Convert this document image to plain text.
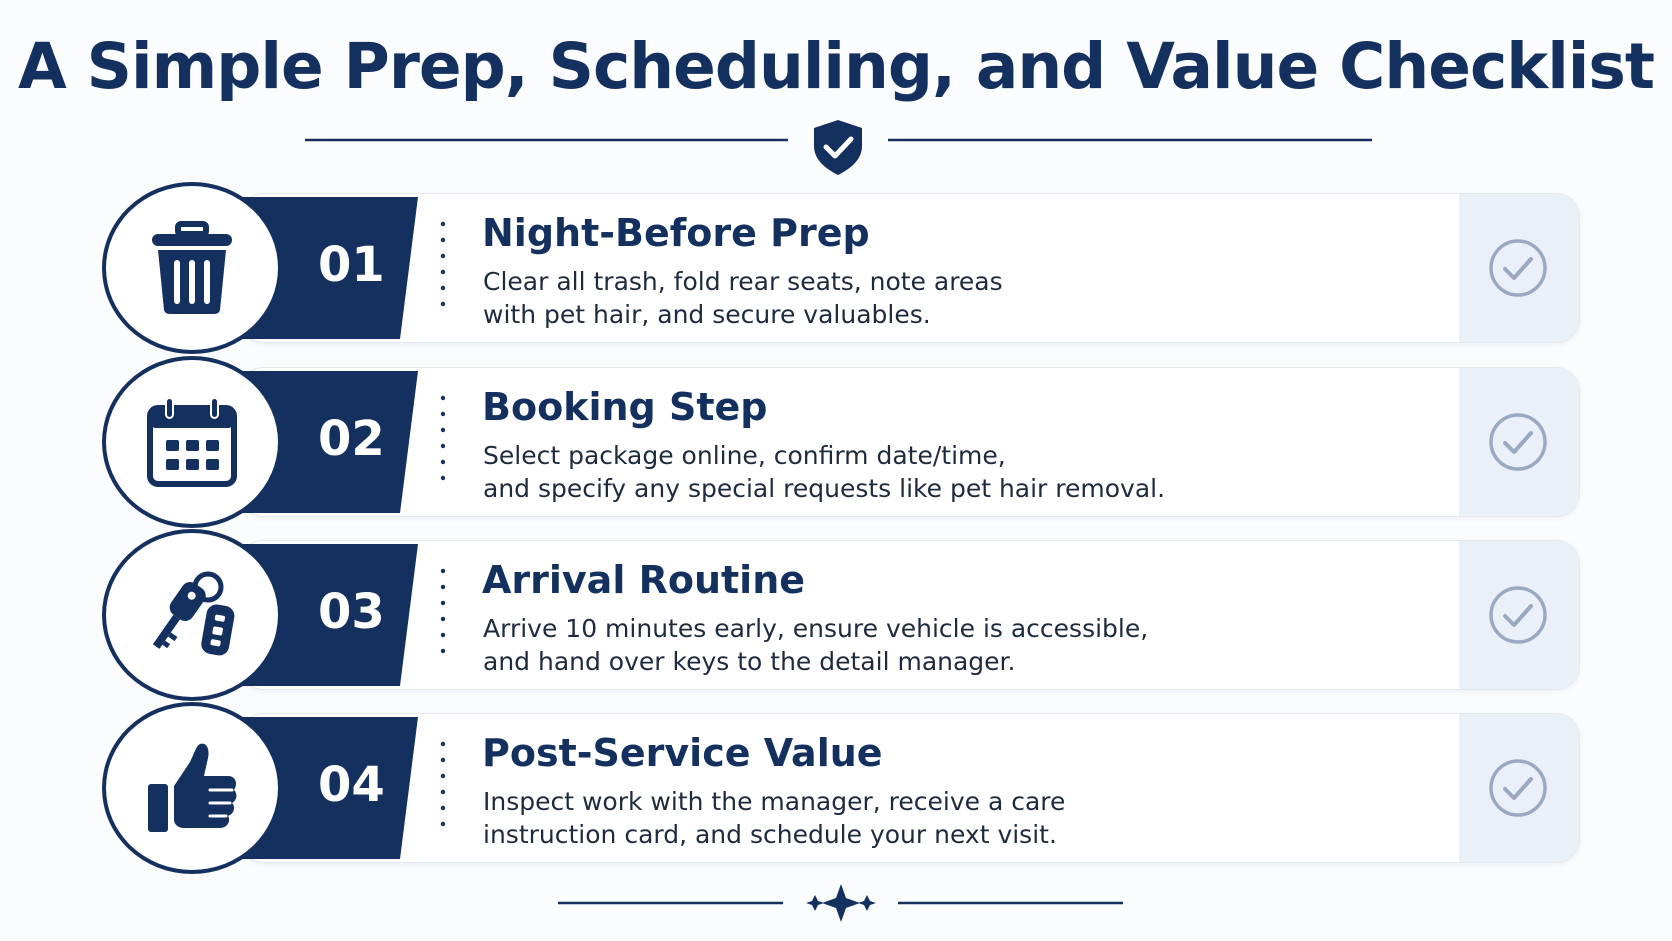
A Simple Prep, Scheduling, and Value Checklist
01
Night-Before Prep
Clear all trash, fold rear seats, note areas
with pet hair, and secure valuables.
02
Booking Step
Select package online, confirm date/time,
and specify any special requests like pet hair removal.
03
Arrival Routine
Arrive 10 minutes early, ensure vehicle is accessible,
and hand over keys to the detail manager.
04
Post-Service Value
Inspect work with the manager, receive a care
instruction card, and schedule your next visit.
